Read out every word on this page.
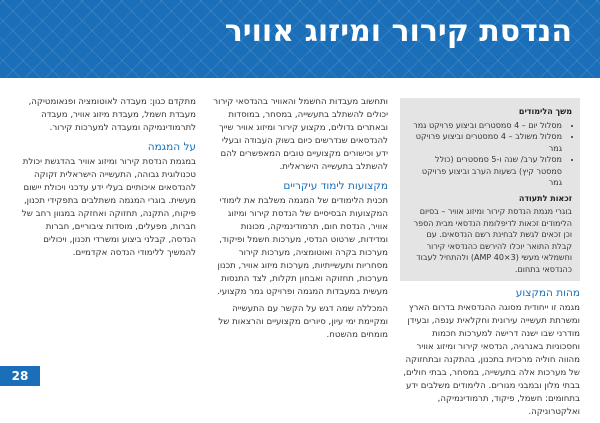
הנדסת קירור ומיזוג אוויר
משך הלימודים
• מסלול יום – 4 סמסטרים וביצוע פרויקט גמר
• מסלול משולב – 4 סמסטרים וביצוע פרויקט גמר
• מסלול ערב/ שנה ו-5 סמסטרים (כולל סמסטר קיץ) בשעות הערב וביצוע פרויקט גמר
זכאות לתעודה
בוגרי מגמת הנדסת קירור ומיזוג אוויר – בסיום הלימודים זכאות לדיפלומת הנדסאי מבית הספר וכן זכאים לגשת לבחינת רשם הנדסאים. עם קבלת התואר יוכלו להירשם כהנדסאי קירור וחשמלאי מעשי (AMP 40×3) ולהתחיל לעבוד כהנדסאי בתחום.
מהות המקצוע

מגמה זו ייחודית מסוגה ההנדסאית בדרום הארץ ומשרתת תעשייה עירונית וחקלאית ענפה, ובעידן מודרני שבו ישנה דרישה למערכות חכמות וחסכוניות באנרגיה, הנדסאי קירור ומיזוג אוויר מהווה חוליה מרכזית בתכנון, בהתקנה ובתחזוקה של מערכות אלה בתעשייה, במסחר, בבתי חולים, בבתי מלון ובמבני מגורים. הלימודים משלבים ידע בתחומים: חשמל, פיקוד, תרמודינמיקה, ואלקטרוניקה.

ותחשוב מעבדות החשמל והאוויר בהנדסאי קירור יכולים להשתלב בתעשייה, במסחר, במוסדות ובאתרים גדולים, מקצוע קירור ומיזוג אוויר שייך להנדסאים שנדרשים כיום בשוק העבודה ובעלי ידע וכישורים מקצועיים טובים המאפשרים להם להשתלב בתעשייה הישראלית.

מקצועות לימוד עיקריים

תכנית הלימודים של המגמה משלבת את לימודי המקצועות הבסיסיים של הנדסת קירור ומיזוג אוויר, הנדסת חום, תרמודינמיקה, מכונות ומדידות, שרטוט הנדסי, מערכות חשמל ופיקוד, מערכות בקרה ואוטומציה, מערכות קירור מסחריות ותעשייתיות, מערכות מיזוג אוויר, תכנון מערכות, תחזוקה ואבחון תקלות, לצד התנסות מעשית במעבדות המגמה ופרויקט גמר מקצועי.

המכללה שמה דגש על הקשר עם התעשייה ומקיימת ימי עיון, סיורים מקצועיים והרצאות של מומחים מהשטח.

מתקדם כגון: מעבדה לאוטומציה ופנאומטיקה, מעבדת חשמל, מעבדת מיזוג אוויר, מעבדה לתרמודינמיקה ומעבדה למערכות קירור.

על המגמה

במגמת הנדסת קירור ומיזוג אוויר בהדגשת יכולת טכנולוגית גבוהה, התעשייה הישראלית זקוקה להנדסאים איכותיים בעלי ידע עדכני ויכולת יישום מעשית. בוגרי המגמה משתלבים בתפקידי תכנון, פיקוח, התקנה, תחזוקה ואחזקה במגוון רחב של חברות, מפעלים, מוסדות ציבוריים, חברות הנדסה, קבלני ביצוע ומשרדי תכנון, ויכולים להמשיך ללימודי הנדסה אקדמיים.

28
